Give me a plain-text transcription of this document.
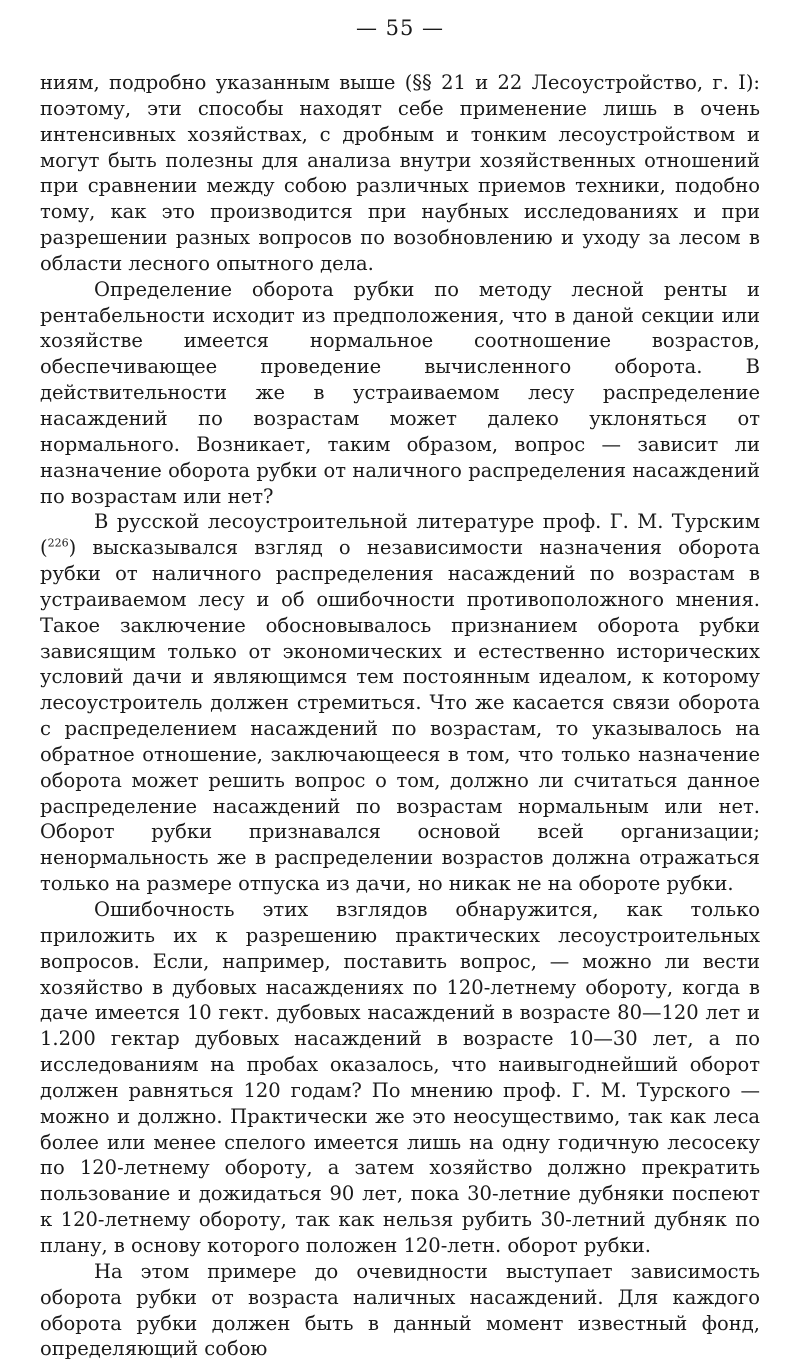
— 55 —

ниям, подробно указанным выше (§§ 21 и 22 Лесоустройство, г. I): поэтому, эти способы находят себе применение лишь в очень интенсивных хозяйствах, с дробным и тонким лесоустройством и могут быть полезны для анализа внутри хозяйственных отношений при сравнении между собою различных приемов техники, подобно тому, как это производится при наубных исследованиях и при разрешении разных вопросов по возобновлению и уходу за лесом в области лесного опытного дела.

Определение оборота рубки по методу лесной ренты и рентабельности исходит из предположения, что в даной секции или хозяйстве имеется нормальное соотношение возрастов, обеспечивающее проведение вычисленного оборота. В действительности же в устраиваемом лесу распределение насаждений по возрастам может далеко уклоняться от нормального. Возникает, таким образом, вопрос — зависит ли назначение оборота рубки от наличного распределения насаждений по возрастам или нет?

В русской лесоустроительной литературе проф. Г. М. Турским ($^{226}$) высказывался взгляд о независимости назначения оборота рубки от наличного распределения насаждений по возрастам в устраиваемом лесу и об ошибочности противоположного мнения. Такое заключение обосновывалось признанием оборота рубки зависящим только от экономических и естественно исторических условий дачи и являющимся тем постоянным идеалом, к которому лесоустроитель должен стремиться. Что же касается связи оборота с распределением насаждений по возрастам, то указывалось на обратное отношение, заключающееся в том, что только назначение оборота может решить вопрос о том, должно ли считаться данное распределение насаждений по возрастам нормальным или нет. Оборот рубки признавался основой всей организации; ненормальность же в распределении возрастов должна отражаться только на размере отпуска из дачи, но никак не на обороте рубки.

Ошибочность этих взглядов обнаружится, как только приложить их к разрешению практических лесоустроительных вопросов. Если, например, поставить вопрос, — можно ли вести хозяйство в дубовых насаждениях по 120-летнему обороту, когда в даче имеется 10 гект. дубовых насаждений в возрасте 80—120 лет и 1.200 гектар дубовых насаждений в возрасте 10—30 лет, а по исследованиям на пробах оказалось, что наивыгоднейший оборот должен равняться 120 годам? По мнению проф. Г. М. Турского — можно и должно. Практически же это неосуществимо, так как леса более или менее спелого имеется лишь на одну годичную лесосеку по 120-летнему обороту, а затем хозяйство должно прекратить пользование и дожидаться 90 лет, пока 30-летние дубняки поспеют к 120-летнему обороту, так как нельзя рубить 30-летний дубняк по плану, в основу которого положен 120-летн. оборот рубки.

На этом примере до очевидности выступает зависимость оборота рубки от возраста наличных насаждений. Для каждого оборота рубки должен быть в данный момент известный фонд, определяющий собою
